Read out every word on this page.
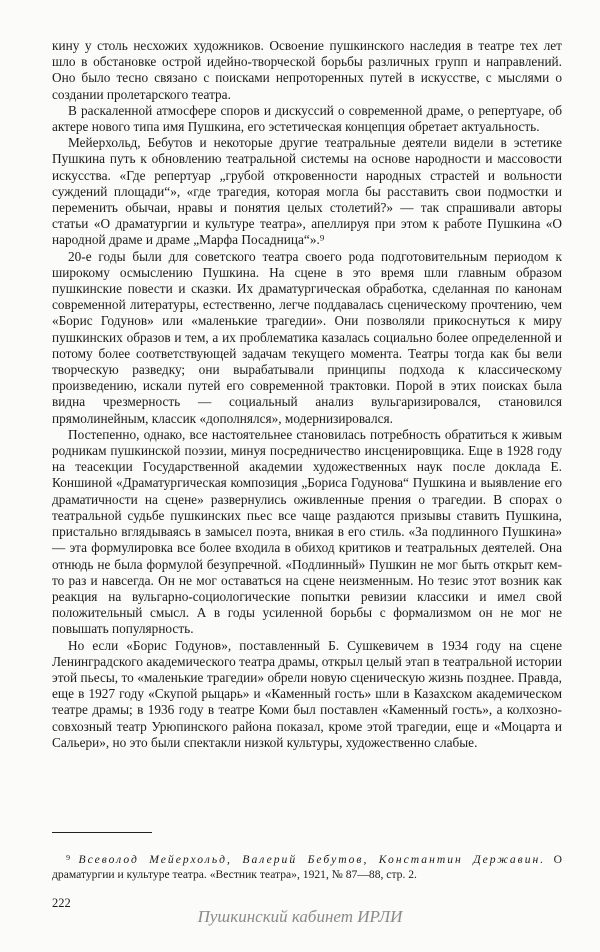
кину у столь несхожих художников. Освоение пушкинского наследия в театре тех лет шло в обстановке острой идейно-творческой борьбы различных групп и направлений. Оно было тесно связано с поисками непроторенных путей в искусстве, с мыслями о создании пролетарского театра.

В раскаленной атмосфере споров и дискуссий о современной драме, о репертуаре, об актере нового типа имя Пушкина, его эстетическая концепция обретает актуальность.

Мейерхольд, Бебутов и некоторые другие театральные деятели видели в эстетике Пушкина путь к обновлению театральной системы на основе народности и массовости искусства. «Где репертуар „грубой откровенности народных страстей и вольности суждений площади“», «где трагедия, которая могла бы расставить свои подмостки и переменить обычаи, нравы и понятия целых столетий?» — так спрашивали авторы статьи «О драматургии и культуре театра», апеллируя при этом к работе Пушкина «О народной драме и драме „Марфа Посадница“».⁹

20-е годы были для советского театра своего рода подготовительным периодом к широкому осмыслению Пушкина. На сцене в это время шли главным образом пушкинские повести и сказки. Их драматургическая обработка, сделанная по канонам современной литературы, естественно, легче поддавалась сценическому прочтению, чем «Борис Годунов» или «маленькие трагедии». Они позволяли прикоснуться к миру пушкинских образов и тем, а их проблематика казалась социально более определенной и потому более соответствующей задачам текущего момента. Театры тогда как бы вели творческую разведку; они вырабатывали принципы подхода к классическому произведению, искали путей его современной трактовки. Порой в этих поисках была видна чрезмерность — социальный анализ вульгаризировался, становился прямолинейным, классик «дополнялся», модернизировался.

Постепенно, однако, все настоятельнее становилась потребность обратиться к живым родникам пушкинской поэзии, минуя посредничество инсценировщика. Еще в 1928 году на теасекции Государственной академии художественных наук после доклада Е. Коншиной «Драматургическая композиция „Бориса Годунова“ Пушкина и выявление его драматичности на сцене» развернулись оживленные прения о трагедии. В спорах о театральной судьбе пушкинских пьес все чаще раздаются призывы ставить Пушкина, пристально вглядываясь в замысел поэта, вникая в его стиль. «За подлинного Пушкина» — эта формулировка все более входила в обиход критиков и театральных деятелей. Она отнюдь не была формулой безупречной. «Подлинный» Пушкин не мог быть открыт кем-то раз и навсегда. Он не мог оставаться на сцене неизменным. Но тезис этот возник как реакция на вульгарно-социологические попытки ревизии классики и имел свой положительный смысл. А в годы усиленной борьбы с формализмом он не мог не повышать популярность.

Но если «Борис Годунов», поставленный Б. Сушкевичем в 1934 году на сцене Ленинградского академического театра драмы, открыл целый этап в театральной истории этой пьесы, то «маленькие трагедии» обрели новую сценическую жизнь позднее. Правда, еще в 1927 году «Скупой рыцарь» и «Каменный гость» шли в Казахском академическом театре драмы; в 1936 году в театре Коми был поставлен «Каменный гость», а колхозно-совхозный театр Урюпинского района показал, кроме этой трагедии, еще и «Моцарта и Сальери», но это были спектакли низкой культуры, художественно слабые.

⁹ Всеволод Мейерхольд, Валерий Бебутов, Константин Державин. О драматургии и культуре театра. «Вестник театра», 1921, № 87—88, стр. 2.

222
Пушкинский кабинет ИРЛИ
